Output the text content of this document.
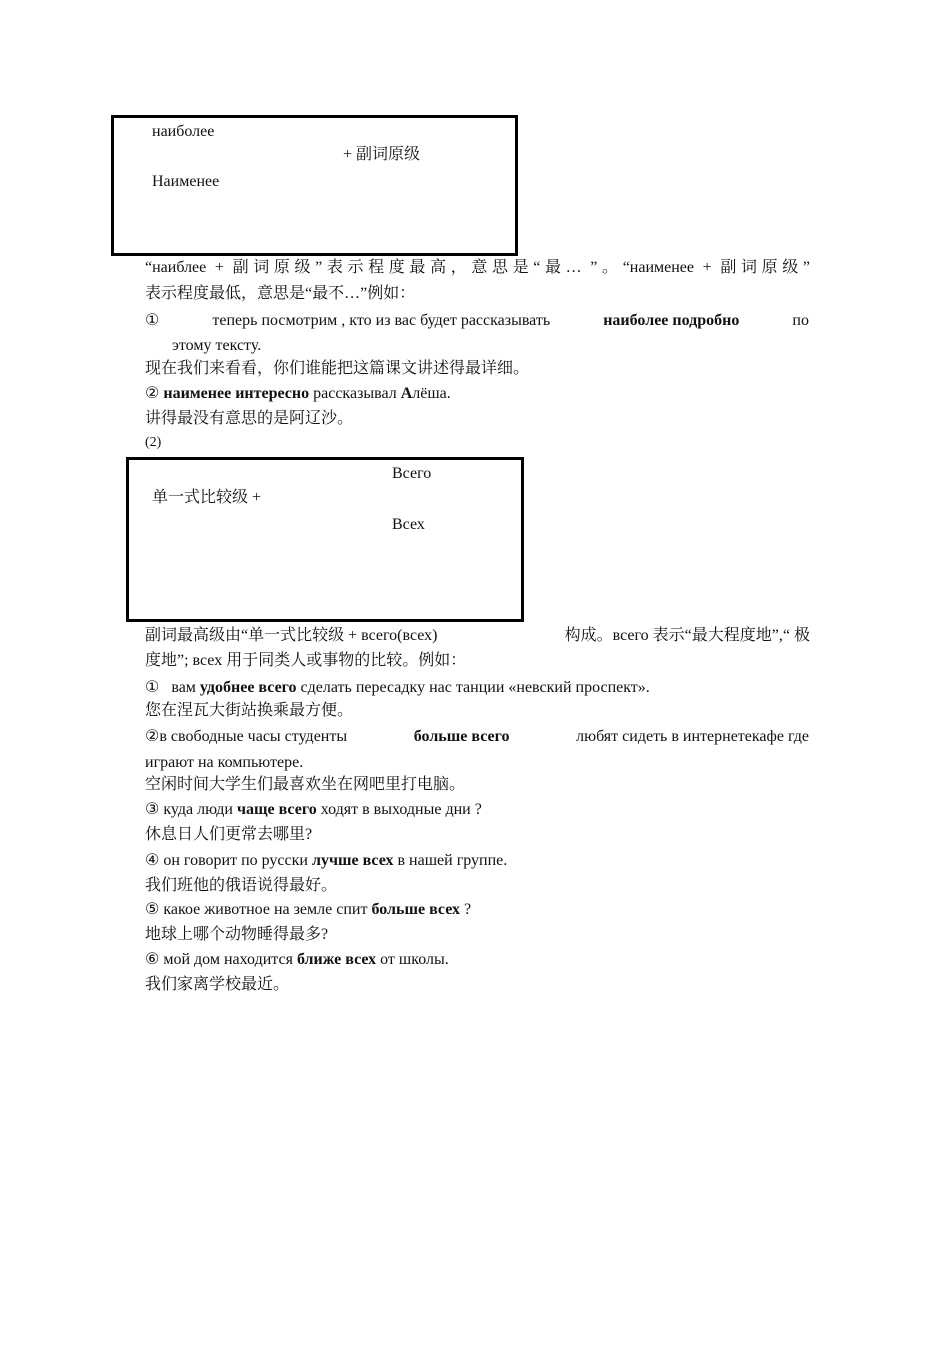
наиболее
+ 副词原级
Наименее
“наиблее + 副词原级”表示程度最高，意思是“最… ”。“наименее + 副词原级”
表示程度最低，意思是“最不…”例如：
①	теперь посмотрим , кто из вас будет рассказывать	наиболее подробно	по
этому тексту.
现在我们来看看，你们谁能把这篇课文讲述得最详细。
② наименее интересно рассказывал Алёша.
讲得最没有意思的是阿辽沙。
(2)
Всего
单一式比较级 +
Всех
副词最高级由“单一式比较级 + всего(всех)	构成。всего 表示“最大程度地”,“ 极
度地”; всех 用于同类人或事物的比较。例如：
① вам удобнее всего сделать пересадку нас танции «невский проспект».
您在涅瓦大街站换乘最方便。
②в свободные часы студенты	больше всего	любят сидеть в интернетекафе где
играют на компьютере.
空闲时间大学生们最喜欢坐在网吧里打电脑。
③ куда люди чаще всего ходят в выходные дни ?
休息日人们更常去哪里?
④ он говорит по русски лучше всех в нашей группе.
我们班他的俄语说得最好。
⑤ какое животное на земле спит больше всех ?
地球上哪个动物睡得最多?
⑥ мой дом находится ближе всех от школы.
我们家离学校最近。
